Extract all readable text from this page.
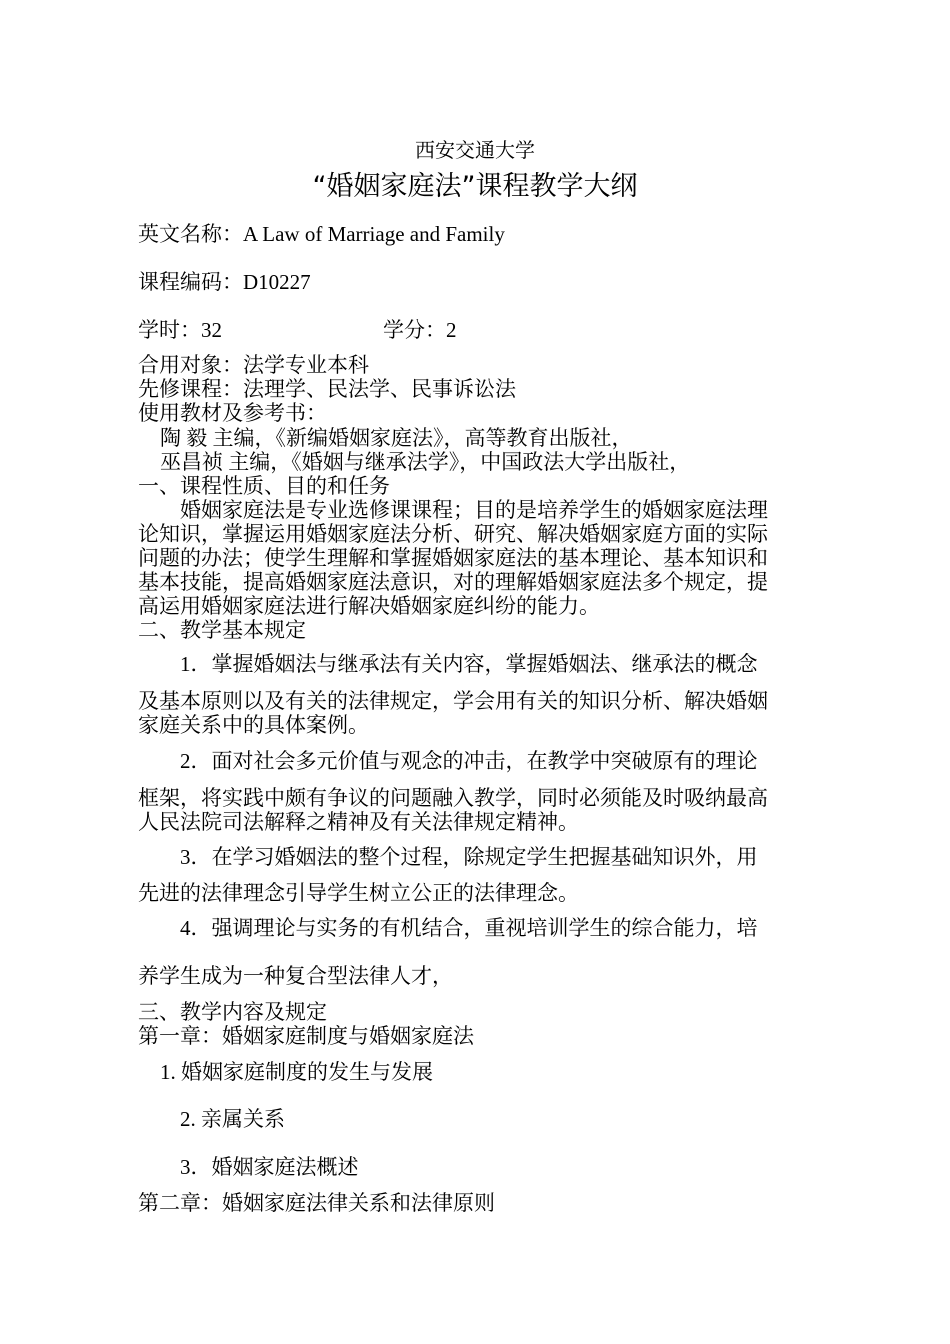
西安交通大学
“婚姻家庭法”课程教学大纲
英文名称：A Law of Marriage and Family
课程编码：D10227
学时：32	学分：2
合用对象：法学专业本科
先修课程：法理学、民法学、民事诉讼法
使用教材及参考书：
陶 毅 主编，《新编婚姻家庭法》，高等教育出版社，
巫昌祯 主编，《婚姻与继承法学》，中国政法大学出版社，
一、课程性质、目的和任务
婚姻家庭法是专业选修课课程；目的是培养学生的婚姻家庭法理
论知识，掌握运用婚姻家庭法分析、研究、解决婚姻家庭方面的实际
问题的办法；使学生理解和掌握婚姻家庭法的基本理论、基本知识和
基本技能，提高婚姻家庭法意识，对的理解婚姻家庭法多个规定，提
高运用婚姻家庭法进行解决婚姻家庭纠纷的能力。
二、教学基本规定
1．掌握婚姻法与继承法有关内容，掌握婚姻法、继承法的概念
及基本原则以及有关的法律规定，学会用有关的知识分析、解决婚姻
家庭关系中的具体案例。
2．面对社会多元价值与观念的冲击，在教学中突破原有的理论
框架，将实践中颇有争议的问题融入教学，同时必须能及时吸纳最高
人民法院司法解释之精神及有关法律规定精神。
3．在学习婚姻法的整个过程，除规定学生把握基础知识外，用
先进的法律理念引导学生树立公正的法律理念。
4．强调理论与实务的有机结合，重视培训学生的综合能力，培
养学生成为一种复合型法律人才，
三、教学内容及规定
第一章：婚姻家庭制度与婚姻家庭法
1. 婚姻家庭制度的发生与发展
2. 亲属关系
3．婚姻家庭法概述
第二章：婚姻家庭法律关系和法律原则
